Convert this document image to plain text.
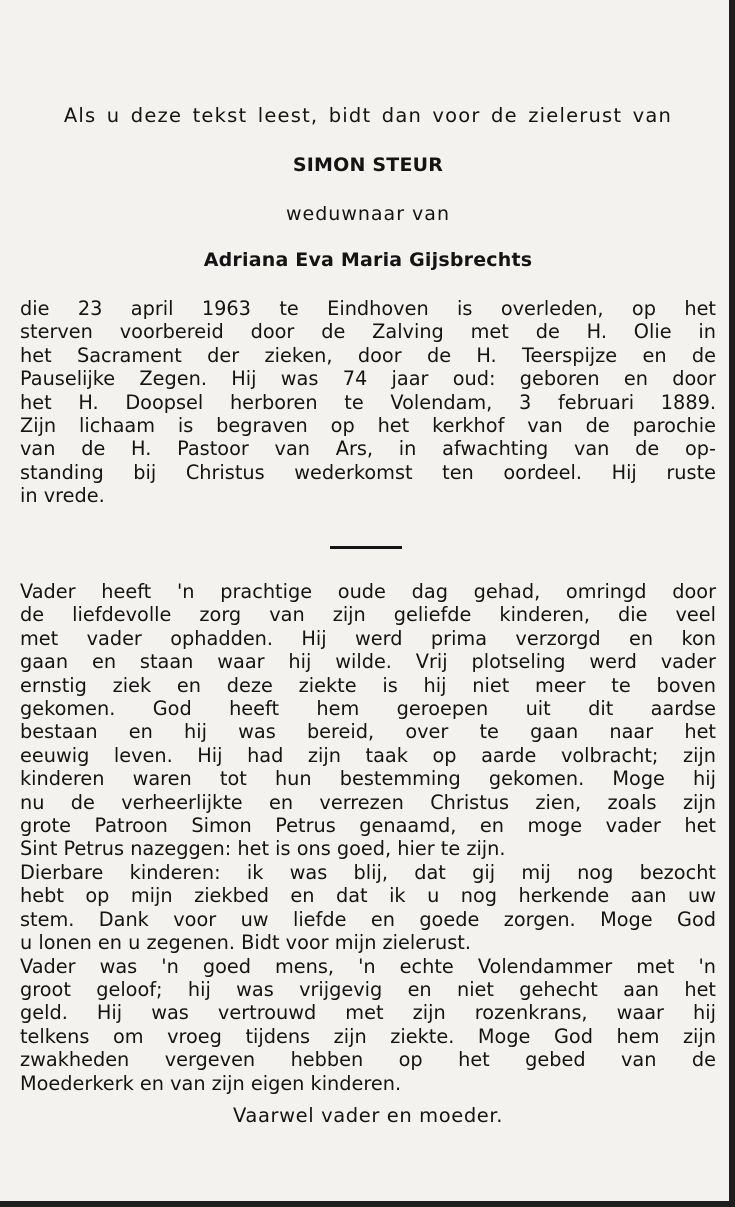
Als u deze tekst leest, bidt dan voor de zielerust van

SIMON STEUR

weduwnaar van

Adriana Eva Maria Gijsbrechts

die 23 april 1963 te Eindhoven is overleden, op het
sterven voorbereid door de Zalving met de H. Olie in
het Sacrament der zieken, door de H. Teerspijze en de
Pauselijke Zegen. Hij was 74 jaar oud: geboren en door
het H. Doopsel herboren te Volendam, 3 februari 1889.
Zijn lichaam is begraven op het kerkhof van de parochie
van de H. Pastoor van Ars, in afwachting van de op-
standing bij Christus wederkomst ten oordeel. Hij ruste
in vrede.
Vader heeft 'n prachtige oude dag gehad, omringd door
de liefdevolle zorg van zijn geliefde kinderen, die veel
met vader ophadden. Hij werd prima verzorgd en kon
gaan en staan waar hij wilde. Vrij plotseling werd vader
ernstig ziek en deze ziekte is hij niet meer te boven
gekomen. God heeft hem geroepen uit dit aardse
bestaan en hij was bereid, over te gaan naar het
eeuwig leven. Hij had zijn taak op aarde volbracht; zijn
kinderen waren tot hun bestemming gekomen. Moge hij
nu de verheerlijkte en verrezen Christus zien, zoals zijn
grote Patroon Simon Petrus genaamd, en moge vader het
Sint Petrus nazeggen: het is ons goed, hier te zijn.
Dierbare kinderen: ik was blij, dat gij mij nog bezocht
hebt op mijn ziekbed en dat ik u nog herkende aan uw
stem. Dank voor uw liefde en goede zorgen. Moge God
u lonen en u zegenen. Bidt voor mijn zielerust.
Vader was 'n goed mens, 'n echte Volendammer met 'n
groot geloof; hij was vrijgevig en niet gehecht aan het
geld. Hij was vertrouwd met zijn rozenkrans, waar hij
telkens om vroeg tijdens zijn ziekte. Moge God hem zijn
zwakheden vergeven hebben op het gebed van de
Moederkerk en van zijn eigen kinderen.

Vaarwel vader en moeder.
